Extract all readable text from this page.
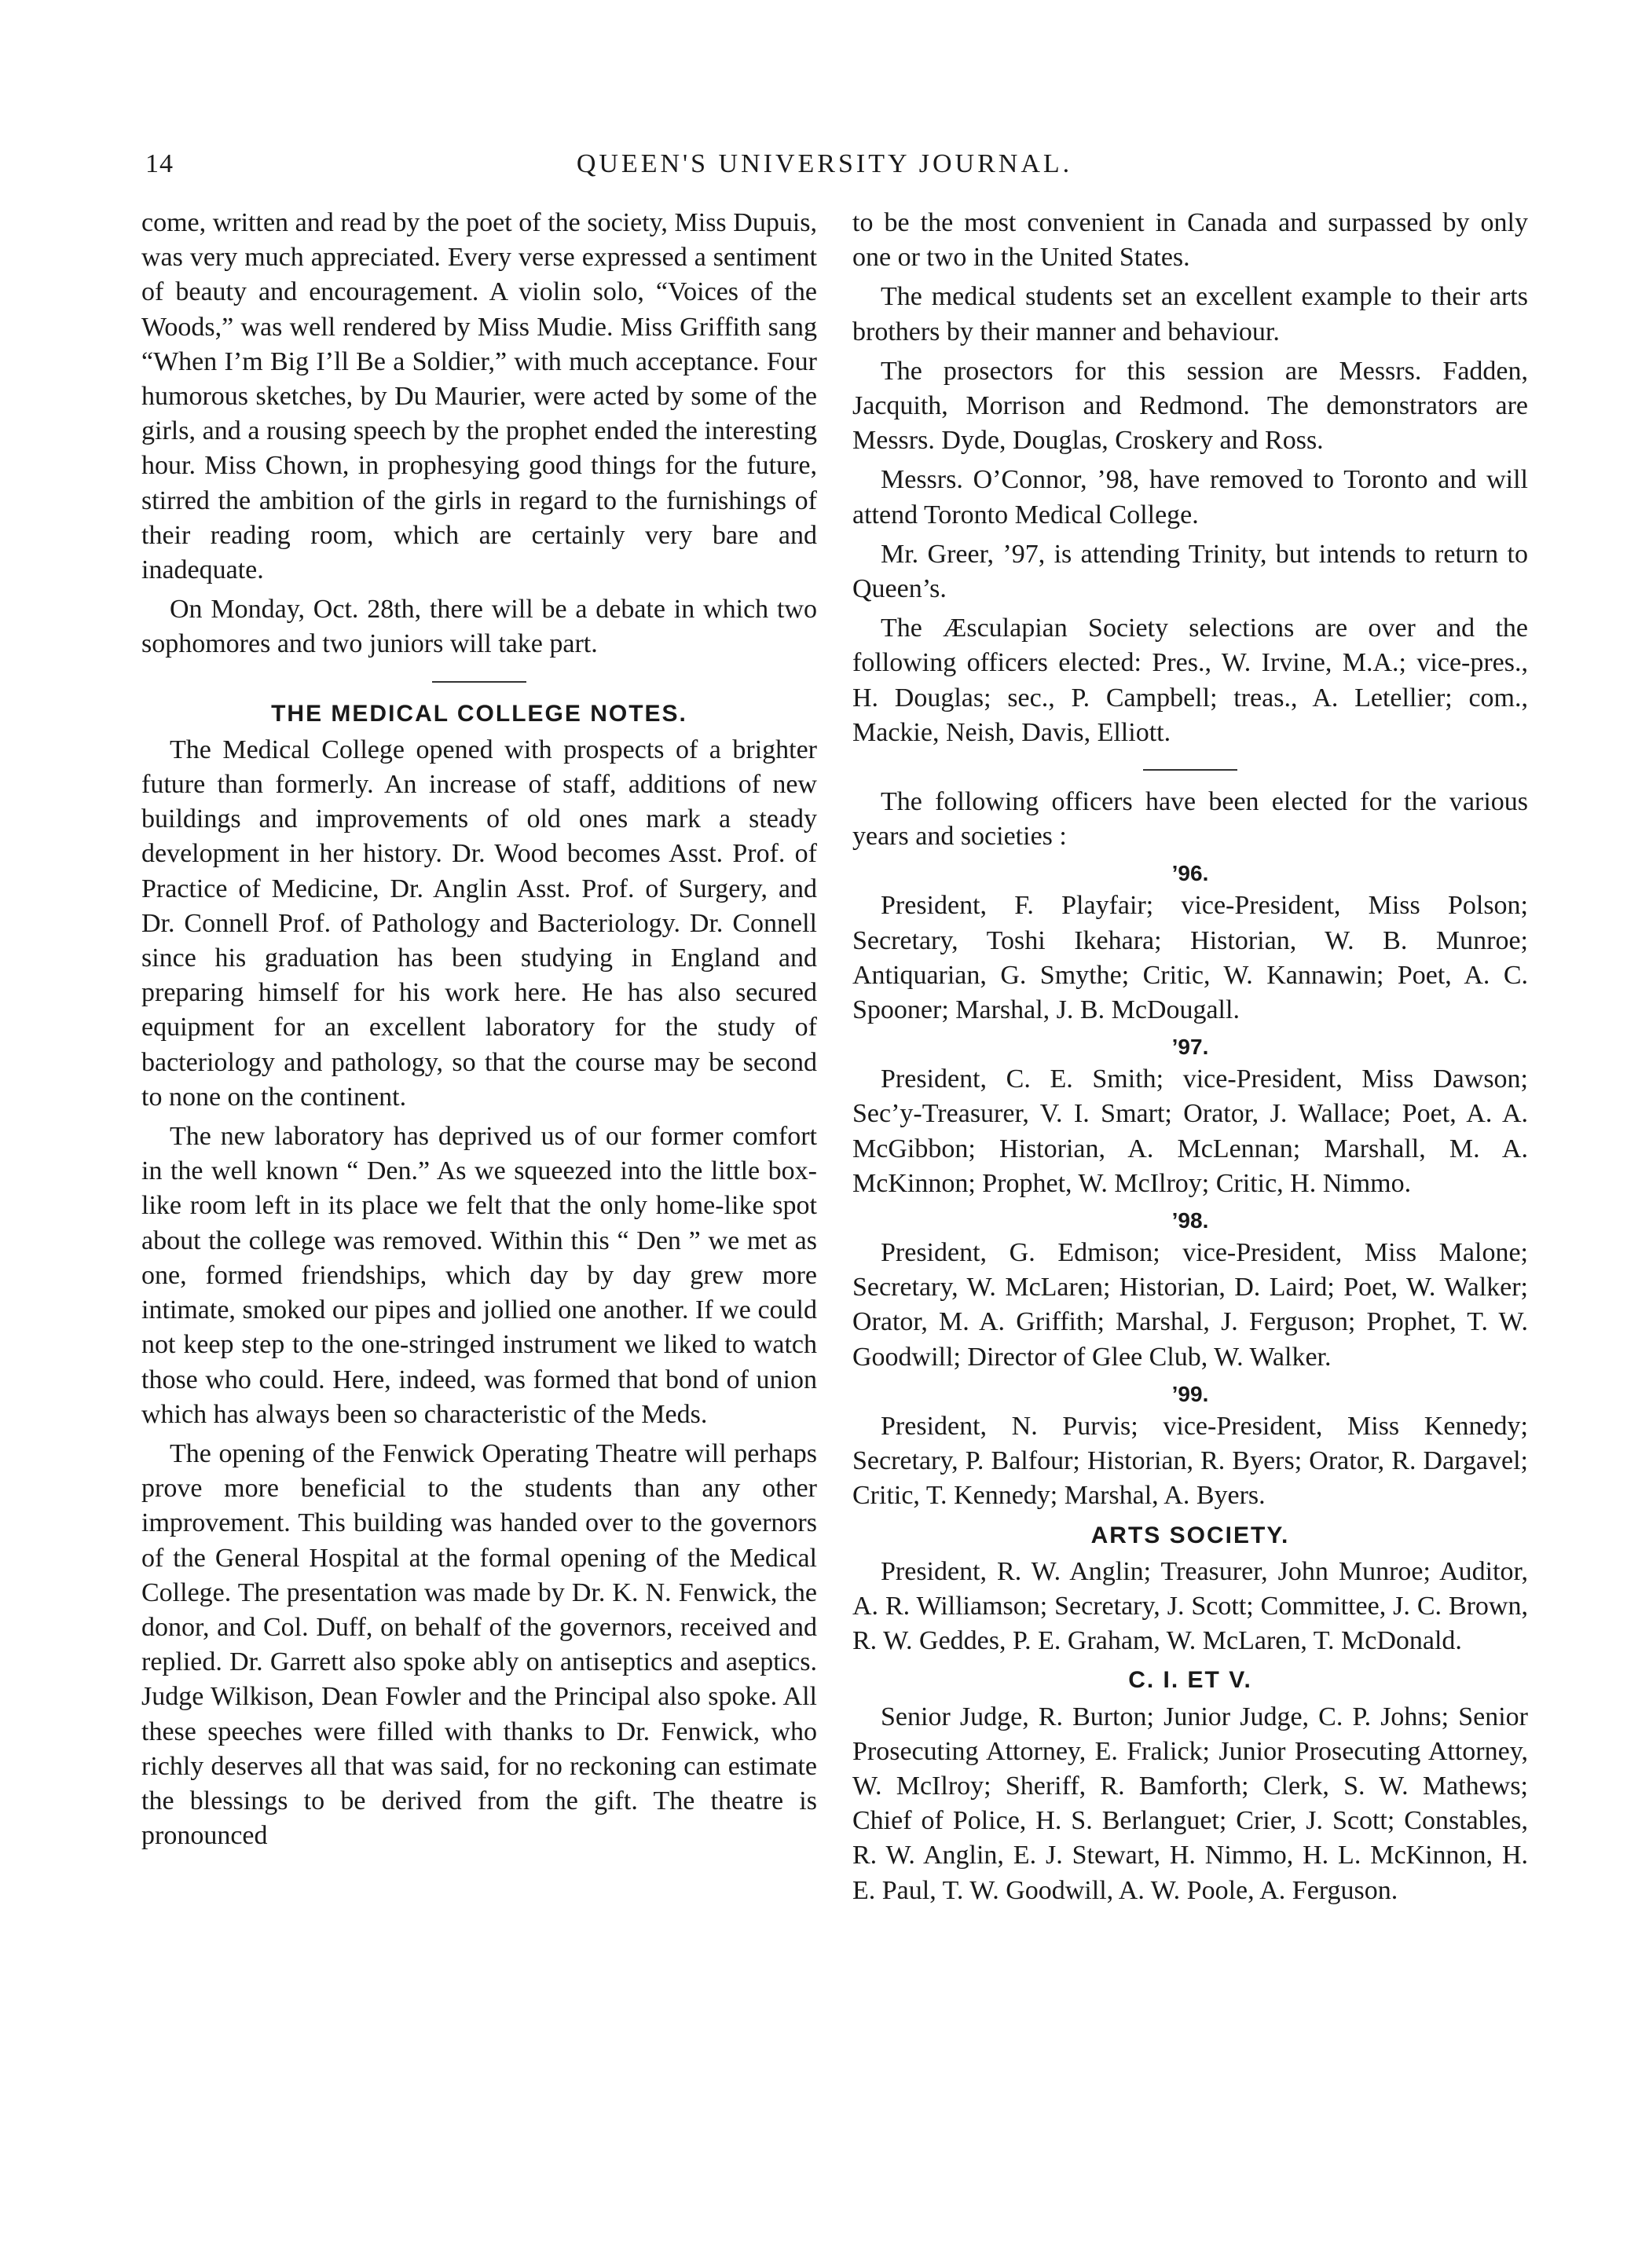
14	QUEEN'S UNIVERSITY JOURNAL.

come, written and read by the poet of the society, Miss Dupuis, was very much appreciated. Every verse expressed a sentiment of beauty and encouragement. A violin solo, “Voices of the Woods,” was well rendered by Miss Mudie. Miss Griffith sang “When I’m Big I’ll Be a Soldier,” with much acceptance. Four humorous sketches, by Du Maurier, were acted by some of the girls, and a rousing speech by the prophet ended the interesting hour. Miss Chown, in prophesying good things for the future, stirred the ambition of the girls in regard to the furnishings of their reading room, which are certainly very bare and inadequate.

On Monday, Oct. 28th, there will be a debate in which two sophomores and two juniors will take part.

THE MEDICAL COLLEGE NOTES.

The Medical College opened with prospects of a brighter future than formerly. An increase of staff, additions of new buildings and improvements of old ones mark a steady development in her history. Dr. Wood becomes Asst. Prof. of Practice of Medicine, Dr. Anglin Asst. Prof. of Surgery, and Dr. Connell Prof. of Pathology and Bacteriology. Dr. Connell since his graduation has been studying in England and preparing himself for his work here. He has also secured equipment for an excellent laboratory for the study of bacteriology and pathology, so that the course may be second to none on the continent.

The new laboratory has deprived us of our former comfort in the well known “ Den.” As we squeezed into the little box-like room left in its place we felt that the only home-like spot about the college was removed. Within this “ Den ” we met as one, formed friendships, which day by day grew more intimate, smoked our pipes and jollied one another. If we could not keep step to the one-stringed instrument we liked to watch those who could. Here, indeed, was formed that bond of union which has always been so characteristic of the Meds.

The opening of the Fenwick Operating Theatre will perhaps prove more beneficial to the students than any other improvement. This building was handed over to the governors of the General Hospital at the formal opening of the Medical College. The presentation was made by Dr. K. N. Fenwick, the donor, and Col. Duff, on behalf of the governors, received and replied. Dr. Garrett also spoke ably on antiseptics and aseptics. Judge Wilkison, Dean Fowler and the Principal also spoke. All these speeches were filled with thanks to Dr. Fenwick, who richly deserves all that was said, for no reckoning can estimate the blessings to be derived from the gift. The theatre is pronounced

to be the most convenient in Canada and surpassed by only one or two in the United States.

The medical students set an excellent example to their arts brothers by their manner and behaviour.

The prosectors for this session are Messrs. Fadden, Jacquith, Morrison and Redmond. The demonstrators are Messrs. Dyde, Douglas, Croskery and Ross.

Messrs. O’Connor, ’98, have removed to Toronto and will attend Toronto Medical College.

Mr. Greer, ’97, is attending Trinity, but intends to return to Queen’s.

The Æsculapian Society selections are over and the following officers elected: Pres., W. Irvine, M.A.; vice-pres., H. Douglas; sec., P. Campbell; treas., A. Letellier; com., Mackie, Neish, Davis, Elliott.

The following officers have been elected for the various years and societies :

’96.

President, F. Playfair; vice-President, Miss Polson; Secretary, Toshi Ikehara; Historian, W. B. Munroe; Antiquarian, G. Smythe; Critic, W. Kannawin; Poet, A. C. Spooner; Marshal, J. B. McDougall.

’97.

President, C. E. Smith; vice-President, Miss Dawson; Sec’y-Treasurer, V. I. Smart; Orator, J. Wallace; Poet, A. A. McGibbon; Historian, A. McLennan; Marshall, M. A. McKinnon; Prophet, W. McIlroy; Critic, H. Nimmo.

’98.

President, G. Edmison; vice-President, Miss Malone; Secretary, W. McLaren; Historian, D. Laird; Poet, W. Walker; Orator, M. A. Griffith; Marshal, J. Ferguson; Prophet, T. W. Goodwill; Director of Glee Club, W. Walker.

’99.

President, N. Purvis; vice-President, Miss Kennedy; Secretary, P. Balfour; Historian, R. Byers; Orator, R. Dargavel; Critic, T. Kennedy; Marshal, A. Byers.

ARTS SOCIETY.

President, R. W. Anglin; Treasurer, John Munroe; Auditor, A. R. Williamson; Secretary, J. Scott; Committee, J. C. Brown, R. W. Geddes, P. E. Graham, W. McLaren, T. McDonald.

C. I. ET V.

Senior Judge, R. Burton; Junior Judge, C. P. Johns; Senior Prosecuting Attorney, E. Fralick; Junior Prosecuting Attorney, W. McIlroy; Sheriff, R. Bamforth; Clerk, S. W. Mathews; Chief of Police, H. S. Berlanguet; Crier, J. Scott; Constables, R. W. Anglin, E. J. Stewart, H. Nimmo, H. L. McKinnon, H. E. Paul, T. W. Goodwill, A. W. Poole, A. Ferguson.
